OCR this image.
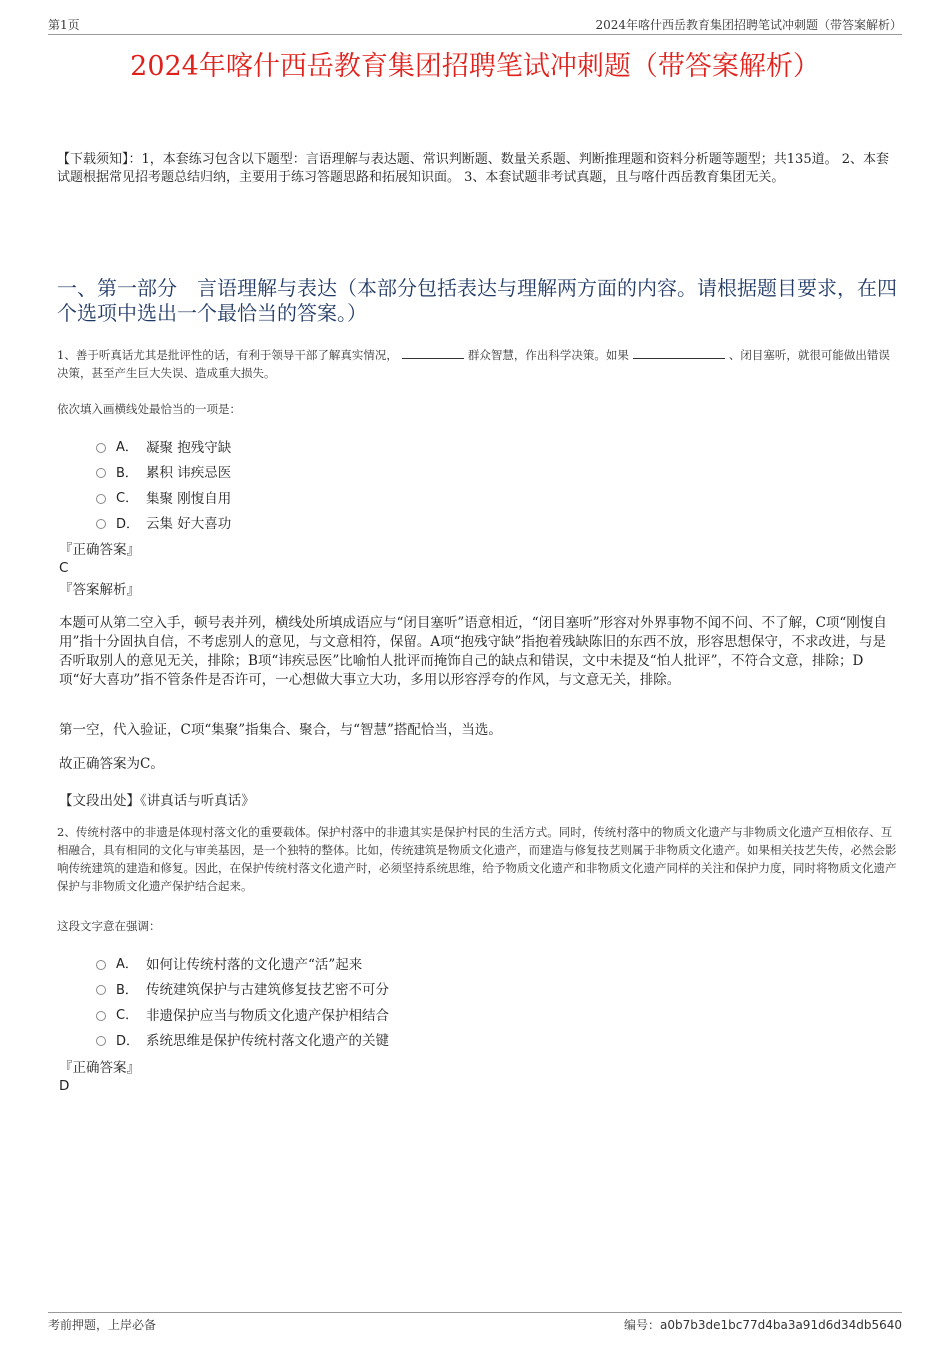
第1页	2024年喀什西岳教育集团招聘笔试冲刺题（带答案解析）
2024年喀什西岳教育集团招聘笔试冲刺题（带答案解析）
【下载须知】：1，本套练习包含以下题型：言语理解与表达题、常识判断题、数量关系题、判断推理题和资料分析题等题型；共135道。 2、本套试题根据常见招考题总结归纳，主要用于练习答题思路和拓展知识面。 3、本套试题非考试真题，且与喀什西岳教育集团无关。
一、第一部分　言语理解与表达（本部分包括表达与理解两方面的内容。请根据题目要求，在四个选项中选出一个最恰当的答案。）
1、善于听真话尤其是批评性的话，有利于领导干部了解真实情况，	群众智慧，作出科学决策。如果	、闭目塞听，就很可能做出错误决策，甚至产生巨大失误、造成重大损失。
依次填入画横线处最恰当的一项是：
A． 凝聚 抱残守缺
B． 累积 讳疾忌医
C． 集聚 刚愎自用
D． 云集 好大喜功
『正确答案』
C
『答案解析』
本题可从第二空入手，顿号表并列，横线处所填成语应与“闭目塞听”语意相近，“闭目塞听”形容对外界事物不闻不问、不了解，C项“刚愎自用”指十分固执自信，不考虑别人的意见，与文意相符，保留。A项“抱残守缺”指抱着残缺陈旧的东西不放，形容思想保守，不求改进，与是否听取别人的意见无关，排除；B项“讳疾忌医”比喻怕人批评而掩饰自己的缺点和错误，文中未提及“怕人批评”，不符合文意，排除；D项“好大喜功”指不管条件是否许可，一心想做大事立大功，多用以形容浮夸的作风，与文意无关，排除。
第一空，代入验证，C项“集聚”指集合、聚合，与“智慧”搭配恰当，当选。
故正确答案为C。
【文段出处】《讲真话与听真话》
2、传统村落中的非遗是体现村落文化的重要载体。保护村落中的非遗其实是保护村民的生活方式。同时，传统村落中的物质文化遗产与非物质文化遗产互相依存、互相融合，具有相同的文化与审美基因，是一个独特的整体。比如，传统建筑是物质文化遗产，而建造与修复技艺则属于非物质文化遗产。如果相关技艺失传，必然会影响传统建筑的建造和修复。因此，在保护传统村落文化遗产时，必须坚持系统思维，给予物质文化遗产和非物质文化遗产同样的关注和保护力度，同时将物质文化遗产保护与非物质文化遗产保护结合起来。
这段文字意在强调：
A． 如何让传统村落的文化遗产“活”起来
B． 传统建筑保护与古建筑修复技艺密不可分
C． 非遗保护应当与物质文化遗产保护相结合
D． 系统思维是保护传统村落文化遗产的关键
『正确答案』
D
考前押题，上岸必备	编号：a0b7b3de1bc77d4ba3a91d6d34db5640
